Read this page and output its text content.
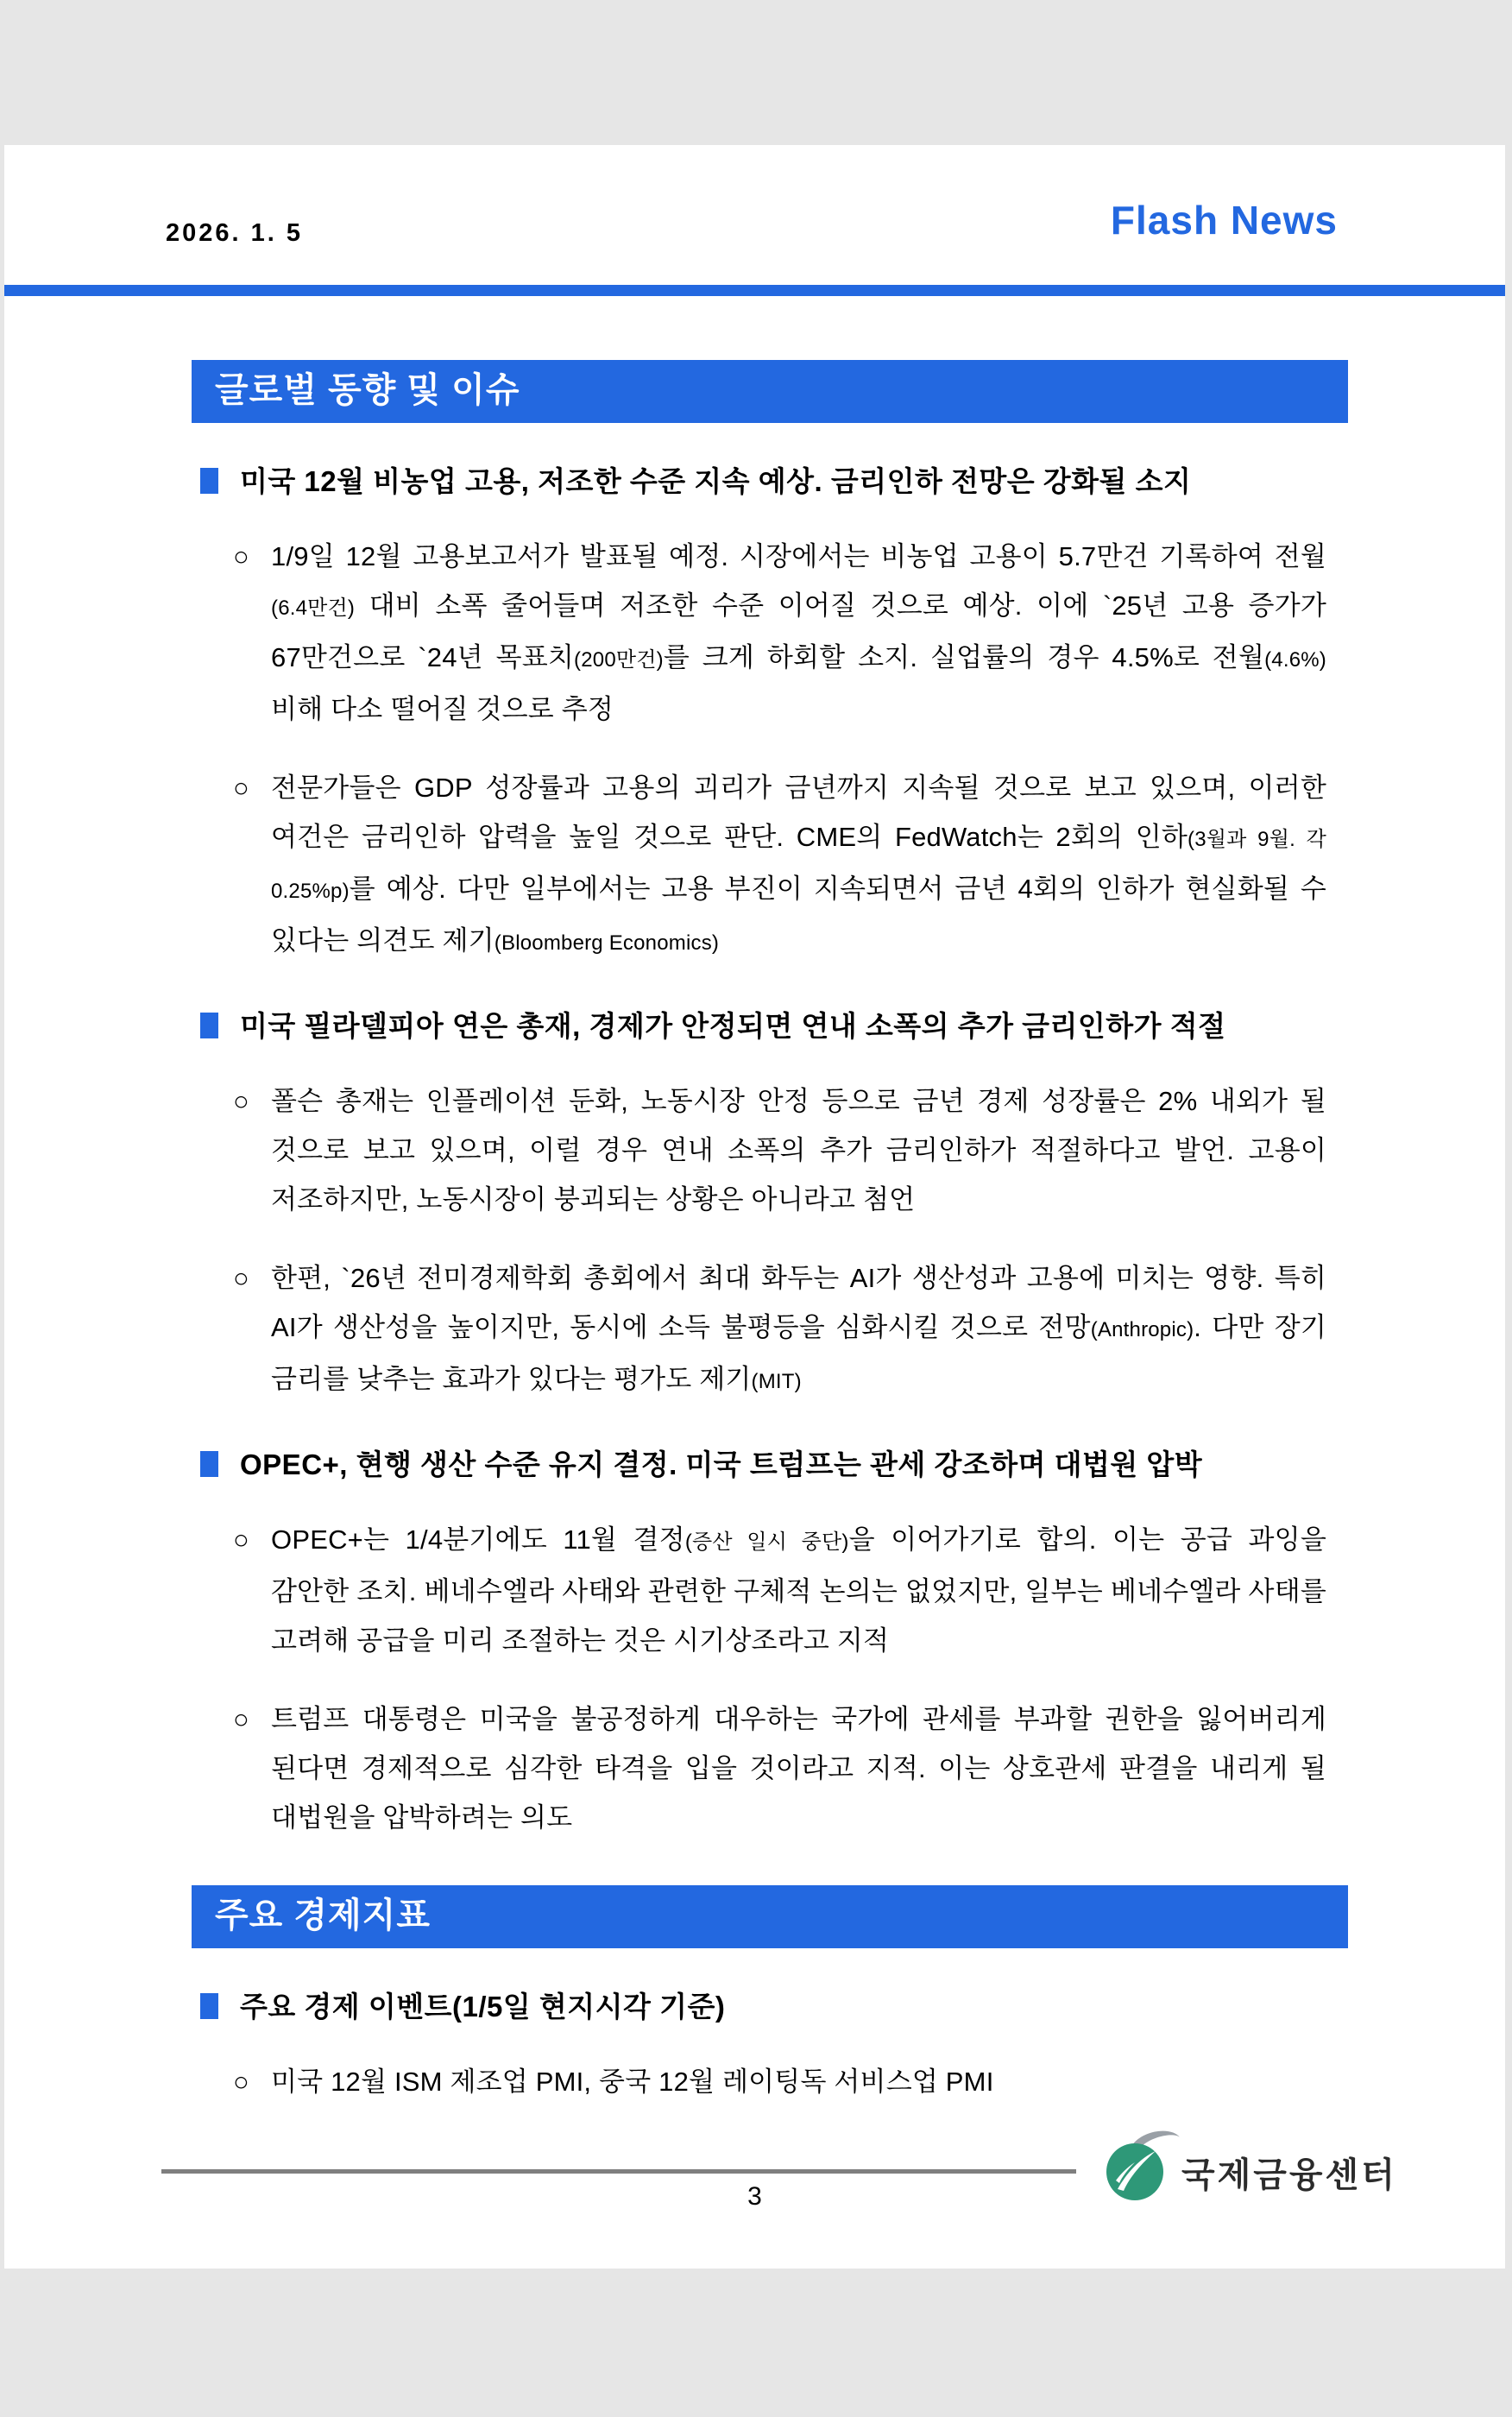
2026. 1. 5	Flash News
글로벌 동향 및 이슈
미국 12월 비농업 고용, 저조한 수준 지속 예상. 금리인하 전망은 강화될 소지
○ 1/9일 12월 고용보고서가 발표될 예정. 시장에서는 비농업 고용이 5.7만건 기록하여 전월(6.4만건) 대비 소폭 줄어들며 저조한 수준 이어질 것으로 예상. 이에 `25년 고용 증가가 67만건으로 `24년 목표치(200만건)를 크게 하회할 소지. 실업률의 경우 4.5%로 전월(4.6%) 비해 다소 떨어질 것으로 추정
○ 전문가들은 GDP 성장률과 고용의 괴리가 금년까지 지속될 것으로 보고 있으며, 이러한 여건은 금리인하 압력을 높일 것으로 판단. CME의 FedWatch는 2회의 인하(3월과 9월. 각 0.25%p)를 예상. 다만 일부에서는 고용 부진이 지속되면서 금년 4회의 인하가 현실화될 수 있다는 의견도 제기(Bloomberg Economics)
미국 필라델피아 연은 총재, 경제가 안정되면 연내 소폭의 추가 금리인하가 적절
○ 폴슨 총재는 인플레이션 둔화, 노동시장 안정 등으로 금년 경제 성장률은 2% 내외가 될 것으로 보고 있으며, 이럴 경우 연내 소폭의 추가 금리인하가 적절하다고 발언. 고용이 저조하지만, 노동시장이 붕괴되는 상황은 아니라고 첨언
○ 한편, `26년 전미경제학회 총회에서 최대 화두는 AI가 생산성과 고용에 미치는 영향. 특히 AI가 생산성을 높이지만, 동시에 소득 불평등을 심화시킬 것으로 전망(Anthropic). 다만 장기 금리를 낮추는 효과가 있다는 평가도 제기(MIT)
OPEC+, 현행 생산 수준 유지 결정. 미국 트럼프는 관세 강조하며 대법원 압박
○ OPEC+는 1/4분기에도 11월 결정(증산 일시 중단)을 이어가기로 합의. 이는 공급 과잉을 감안한 조치. 베네수엘라 사태와 관련한 구체적 논의는 없었지만, 일부는 베네수엘라 사태를 고려해 공급을 미리 조절하는 것은 시기상조라고 지적
○ 트럼프 대통령은 미국을 불공정하게 대우하는 국가에 관세를 부과할 권한을 잃어버리게 된다면 경제적으로 심각한 타격을 입을 것이라고 지적. 이는 상호관세 판결을 내리게 될 대법원을 압박하려는 의도
주요 경제지표
주요 경제 이벤트(1/5일 현지시각 기준)
○ 미국 12월 ISM 제조업 PMI, 중국 12월 레이팅독 서비스업 PMI
국제금융센터
3
